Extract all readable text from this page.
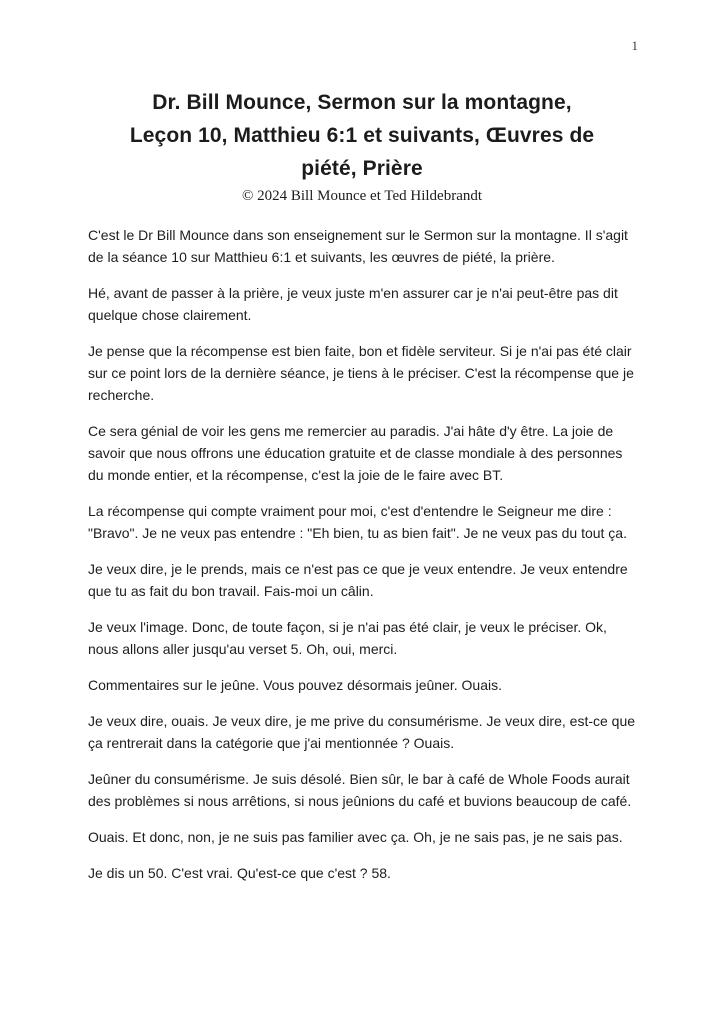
1
Dr. Bill Mounce, Sermon sur la montagne,
Leçon 10, Matthieu 6:1 et suivants, Œuvres de
piété, Prière
© 2024 Bill Mounce et Ted Hildebrandt

C'est le Dr Bill Mounce dans son enseignement sur le Sermon sur la montagne. Il s'agit de la séance 10 sur Matthieu 6:1 et suivants, les œuvres de piété, la prière.

Hé, avant de passer à la prière, je veux juste m'en assurer car je n'ai peut-être pas dit quelque chose clairement.

Je pense que la récompense est bien faite, bon et fidèle serviteur. Si je n'ai pas été clair sur ce point lors de la dernière séance, je tiens à le préciser. C'est la récompense que je recherche.

Ce sera génial de voir les gens me remercier au paradis. J'ai hâte d'y être. La joie de savoir que nous offrons une éducation gratuite et de classe mondiale à des personnes du monde entier, et la récompense, c'est la joie de le faire avec BT.

La récompense qui compte vraiment pour moi, c'est d'entendre le Seigneur me dire : "Bravo". Je ne veux pas entendre : "Eh bien, tu as bien fait". Je ne veux pas du tout ça.

Je veux dire, je le prends, mais ce n'est pas ce que je veux entendre. Je veux entendre que tu as fait du bon travail. Fais-moi un câlin.

Je veux l'image. Donc, de toute façon, si je n'ai pas été clair, je veux le préciser. Ok, nous allons aller jusqu'au verset 5. Oh, oui, merci.

Commentaires sur le jeûne. Vous pouvez désormais jeûner. Ouais.

Je veux dire, ouais. Je veux dire, je me prive du consumérisme. Je veux dire, est-ce que ça rentrerait dans la catégorie que j'ai mentionnée ? Ouais.

Jeûner du consumérisme. Je suis désolé. Bien sûr, le bar à café de Whole Foods aurait des problèmes si nous arrêtions, si nous jeûnions du café et buvions beaucoup de café.

Ouais. Et donc, non, je ne suis pas familier avec ça. Oh, je ne sais pas, je ne sais pas.

Je dis un 50. C'est vrai. Qu'est-ce que c'est ? 58.
